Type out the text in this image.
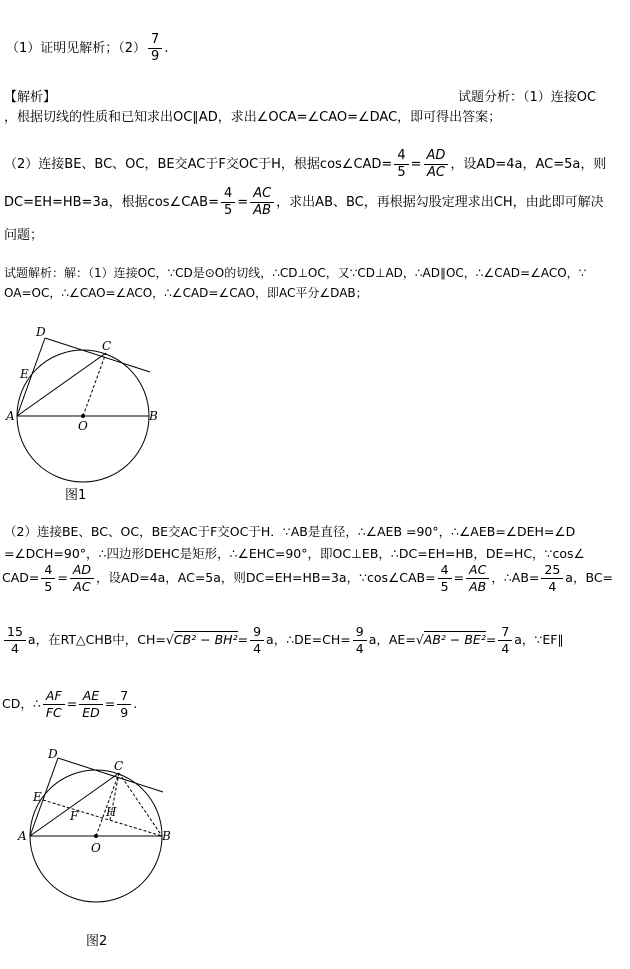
（1）证明见解析；$(2) \frac{7}{9}$ .
【解析】	试题分析：（1）连接OC
，根据切线的性质和已知求出OC∥AD，求出∠OCA=∠CAO=∠DAC，即可得出答案；
（2）连接BE、BC、OC，BE交AC于F交OC于H，根据cos∠CAD= $\frac{4}{5} = \frac{AD}{AC}$ ，设AD=4a，AC=5a，则
DC=EH=HB=3a，根据cos∠CAB= $\frac{4}{5} = \frac{AC}{AB}$ ，求出AB、BC，再根据勾股定理求出CH，由此即可解决
问题；
试题解析：解：（1）连接OC，∵CD是⊙O的切线，∴CD⊥OC，又∵CD⊥AD，∴AD∥OC，∴∠CAD=∠ACO，∵
OA=OC，∴∠CAO=∠ACO，∴∠CAD=∠CAO，即AC平分∠DAB；
D
C
E
A
O
B
图1
（2）连接BE、BC、OC，BE交AC于F交OC于H．∵AB是直径，∴∠AEB =90°，∴∠AEB=∠DEH=∠D
=∠DCH=90°，∴四边形DEHC是矩形，∴∠EHC=90°，即OC⊥EB，∴DC=EH=HB，DE=HC，∵cos∠
$CAD= \frac{4}{5} = \frac{AD}{AC}$ ，设AD=4a，AC=5a，则DC=EH=HB=3a，∵cos∠CAB= $\frac{4}{5} = \frac{AC}{AB}$ ，∴AB= $\frac{25}{4}$ a，BC=
$\frac{15}{4}$ a，在RT△CHB中，$CH=√CB^2 - BH^2= \frac{9}{4}$ a，∴DE=CH= $\frac{9}{4}$ a，$AE=√AB^2 - BE^2= \frac{7}{4}$ a，∵EF∥
CD，∴ $\frac{AF}{FC} = \frac{AE}{ED} = \frac{7}{9}$ .
D
C
E
F H
A
O
B
图2
